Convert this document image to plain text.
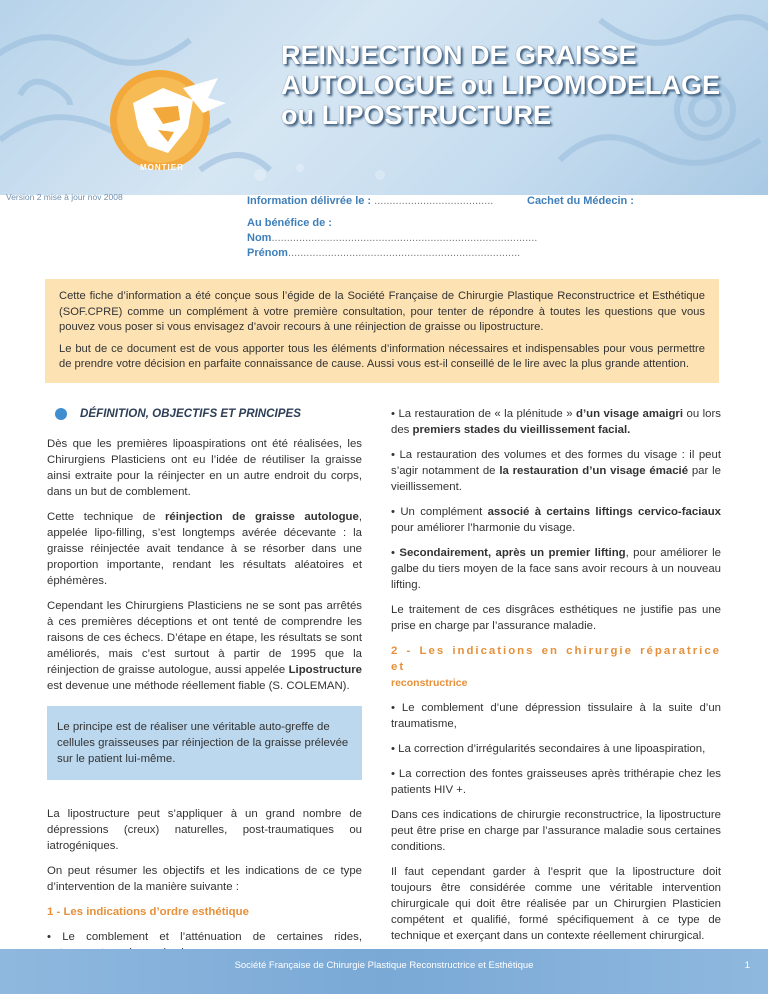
MONTIER
REINJECTION DE GRAISSE
AUTOLOGUE ou LIPOMODELAGE
ou LIPOSTRUCTURE
Version 2 mise à jour nov 2008	Information délivrée le : .......................................	Cachet du Médecin :
Au bénéfice de :
Nom.......................................................................................
Prénom............................................................................

Cette fiche d’information a été conçue sous l’égide de la Société Française de Chirurgie Plastique Reconstructrice et Esthétique (SOF.CPRE) comme un complément à votre première consultation, pour tenter de répondre à toutes les questions que vous pouvez vous poser si vous envisagez d’avoir recours à une réinjection de graisse ou lipostructure.

Le but de ce document est de vous apporter tous les éléments d’information nécessaires et indispensables pour vous permettre de prendre votre décision en parfaite connaissance de cause. Aussi vous est-il conseillé de le lire avec la plus grande attention.

DÉFINITION, OBJECTIFS ET PRINCIPES

Dès que les premières lipoaspirations ont été réalisées, les Chirurgiens Plasticiens ont eu l’idée de réutiliser la graisse ainsi extraite pour la réinjecter en un autre endroit du corps, dans un but de comblement.

Cette technique de réinjection de graisse autologue, appelée lipo-filling, s’est longtemps avérée décevante : la graisse réinjectée avait tendance à se résorber dans une proportion importante, rendant les résultats aléatoires et éphémères.

Cependant les Chirurgiens Plasticiens ne se sont pas arrêtés à ces premières déceptions et ont tenté de comprendre les raisons de ces échecs. D’étape en étape, les résultats se sont améliorés, mais c’est surtout à partir de 1995 que la réinjection de graisse autologue, aussi appelée Lipostructure est devenue une méthode réellement fiable (S. COLEMAN).

Le principe est de réaliser une véritable auto-greffe de cellules graisseuses par réinjection de la graisse prélevée sur le patient lui-même.

La lipostructure peut s’appliquer à un grand nombre de dépressions (creux) naturelles, post-traumatiques ou iatrogéniques.

On peut résumer les objectifs et les indications de ce type d’intervention de la manière suivante :

1 - Les indications d’ordre esthétique

• Le comblement et l’atténuation de certaines rides,

• La restauration de « la plénitude » d’un visage amaigri ou lors des premiers stades du vieillissement facial.

• La restauration des volumes et des formes du visage : il peut s’agir notamment de la restauration d’un visage émacié par le vieillissement.

• Un complément associé à certains liftings cervico-faciaux pour améliorer l’harmonie du visage.

• Secondairement, après un premier lifting, pour améliorer le galbe du tiers moyen de la face sans avoir recours à un nouveau lifting.

Le traitement de ces disgrâces esthétiques ne justifie pas une prise en charge par l’assurance maladie.

2 - Les indications en chirurgie réparatrice et
reconstructrice

• Le comblement d’une dépression tissulaire à la suite d’un traumatisme,

• La correction d’irrégularités secondaires à une lipoaspiration,

• La correction des fontes graisseuses après trithérapie chez les patients HIV +.

Dans ces indications de chirurgie reconstructrice, la lipostructure peut être prise en charge par l’assurance maladie sous certaines conditions.

Il faut cependant garder à l’esprit que la lipostructure doit toujours être considérée comme une véritable intervention chirurgicale qui doit être réalisée par un Chirurgien Plasticien compétent et qualifié, formé spécifiquement à ce type de technique et exerçant dans un contexte réellement chirurgical.

Société Française de Chirurgie Plastique Reconstructrice et Esthétique	1
